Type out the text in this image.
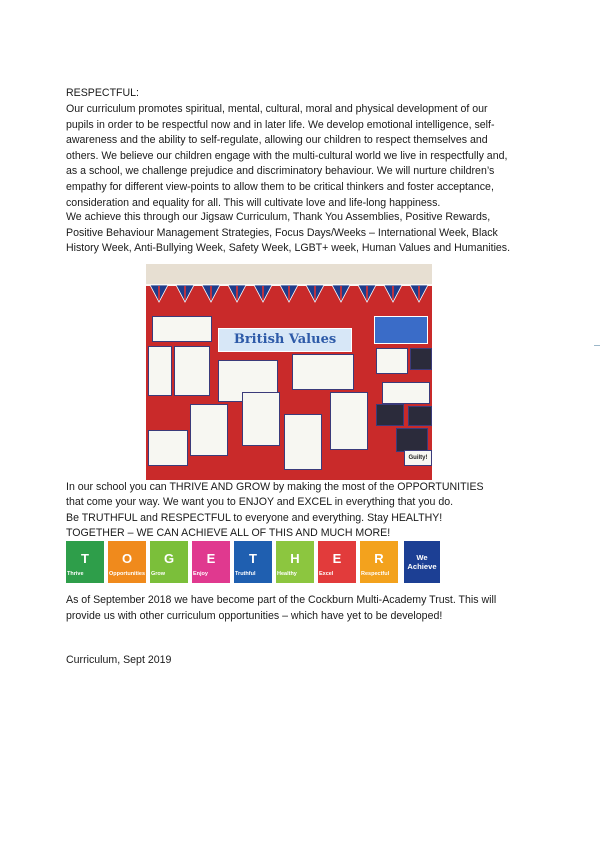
RESPECTFUL:
Our curriculum promotes spiritual, mental, cultural, moral and physical development of our pupils in order to be respectful now and in later life. We develop emotional intelligence, self-awareness and the ability to self-regulate, allowing our children to respect themselves and others. We believe our children engage with the multi-cultural world we live in respectfully and, as a school, we challenge prejudice and discriminatory behaviour. We will nurture children’s empathy for different view-points to allow them to be critical thinkers and foster acceptance, consideration and equality for all. This will cultivate love and life-long happiness.
We achieve this through our Jigsaw Curriculum, Thank You Assemblies, Positive Rewards, Positive Behaviour Management Strategies, Focus Days/Weeks – International Week, Black History Week, Anti-Bullying Week, Safety Week, LGBT+ week, Human Values and Humanities.
British Values
Guilty!
In our school you can THRIVE AND GROW by making the most of the OPPORTUNITIES
that come your way. We want you to ENJOY and EXCEL in everything that you do.
Be TRUTHFUL and RESPECTFUL to everyone and everything. Stay HEALTHY!
TOGETHER – WE CAN ACHIEVE ALL OF THIS AND MUCH MORE!
T
Thrive
O
Opportunities
G
Grow
E
Enjoy
T
Truthful
H
Healthy
E
Excel
R
Respectful
We
Achieve
As of September 2018 we have become part of the Cockburn Multi-Academy Trust. This will provide us with other curriculum opportunities – which have yet to be developed!
Curriculum, Sept 2019
